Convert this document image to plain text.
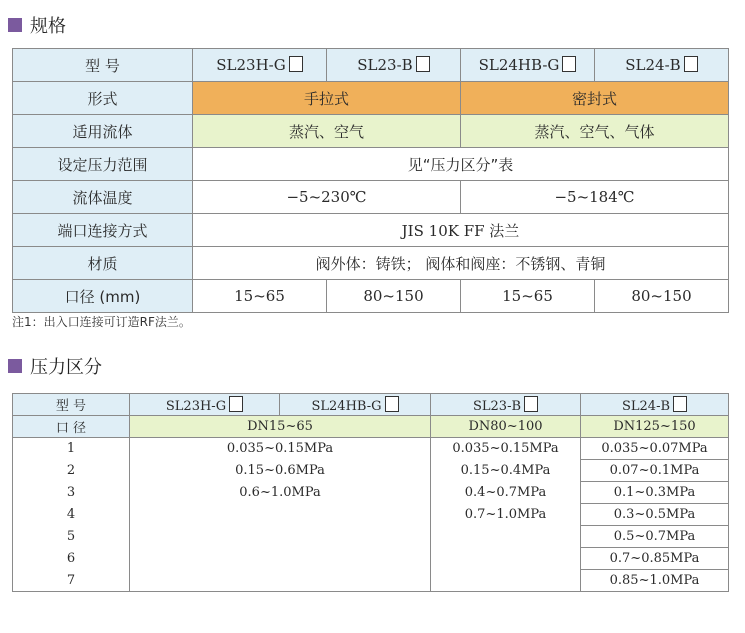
规格
型 号	SL23H-G	SL23-B	SL24HB-G	SL24-B
形式	手拉式		密封式	
适用流体	蒸汽、空气		蒸汽、空气、气体	
设定压力范围	见“压力区分”表			
流体温度	−5~230℃		−5~184℃	
端口连接方式	JIS 10K FF 法兰			
材质	阀外体：铸铁； 阀体和阀座：不锈钢、青铜			
口径 (mm)	15~65	80~150	15~65	80~150
注1：出入口连接可订造RF法兰。
压力区分
型 号	SL23H-G	SL24HB-G	SL23-B	SL24-B
口 径	DN15~65		DN80~100	DN125~150
1	0.035~0.15MPa		0.035~0.15MPa	0.035~0.07MPa
2	0.15~0.6MPa		0.15~0.4MPa	0.07~0.1MPa
3	0.6~1.0MPa		0.4~0.7MPa	0.1~0.3MPa
4			0.7~1.0MPa	0.3~0.5MPa
5				0.5~0.7MPa
6				0.7~0.85MPa
7				0.85~1.0MPa
